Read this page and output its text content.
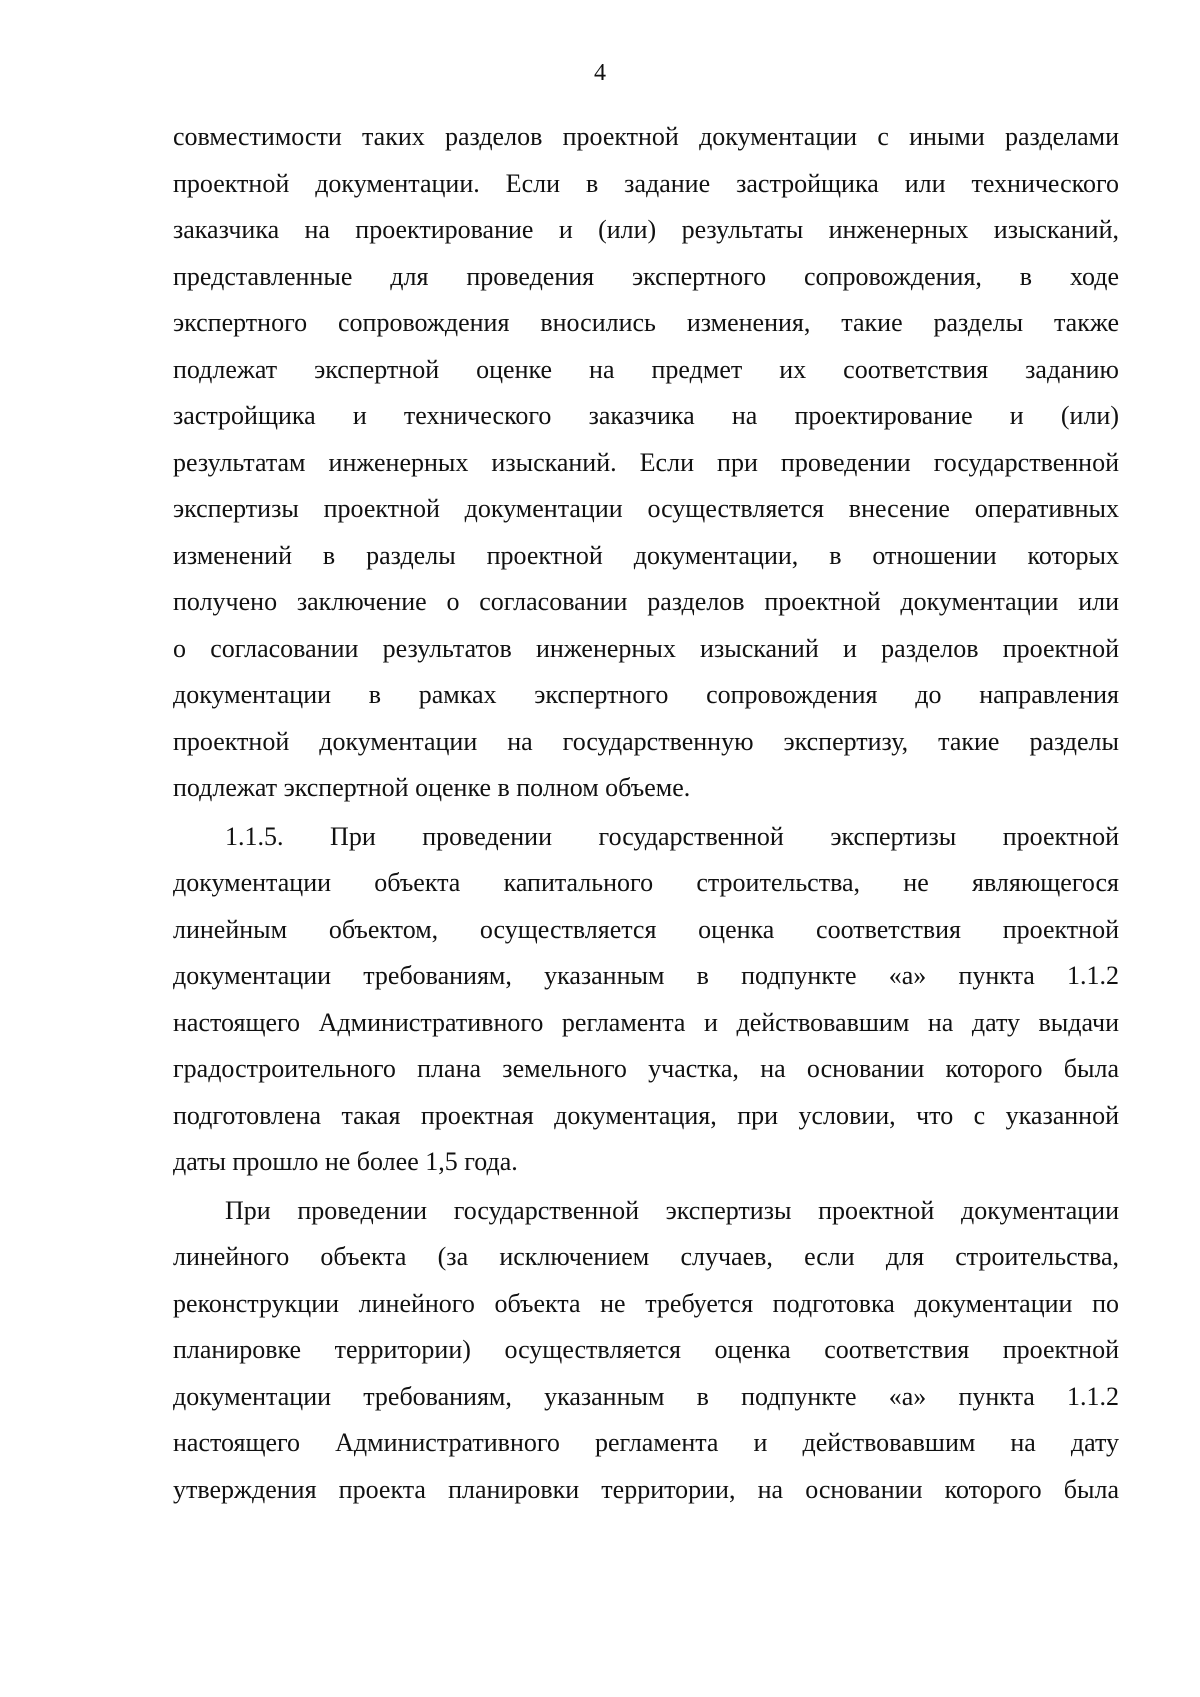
4
совместимости таких разделов проектной документации с иными разделами
проектной документации. Если в задание застройщика или технического
заказчика на проектирование и (или) результаты инженерных изысканий,
представленные для проведения экспертного сопровождения, в ходе
экспертного сопровождения вносились изменения, такие разделы также
подлежат экспертной оценке на предмет их соответствия заданию
застройщика и технического заказчика на проектирование и (или)
результатам инженерных изысканий. Если при проведении государственной
экспертизы проектной документации осуществляется внесение оперативных
изменений в разделы проектной документации, в отношении которых
получено заключение о согласовании разделов проектной документации или
о согласовании результатов инженерных изысканий и разделов проектной
документации в рамках экспертного сопровождения до направления
проектной документации на государственную экспертизу, такие разделы
подлежат экспертной оценке в полном объеме.
1.1.5. При проведении государственной экспертизы проектной
документации объекта капитального строительства, не являющегося
линейным объектом, осуществляется оценка соответствия проектной
документации требованиям, указанным в подпункте «а» пункта 1.1.2
настоящего Административного регламента и действовавшим на дату выдачи
градостроительного плана земельного участка, на основании которого была
подготовлена такая проектная документация, при условии, что с указанной
даты прошло не более 1,5 года.
При проведении государственной экспертизы проектной документации
линейного объекта (за исключением случаев, если для строительства,
реконструкции линейного объекта не требуется подготовка документации по
планировке территории) осуществляется оценка соответствия проектной
документации требованиям, указанным в подпункте «а» пункта 1.1.2
настоящего Административного регламента и действовавшим на дату
утверждения проекта планировки территории, на основании которого была
